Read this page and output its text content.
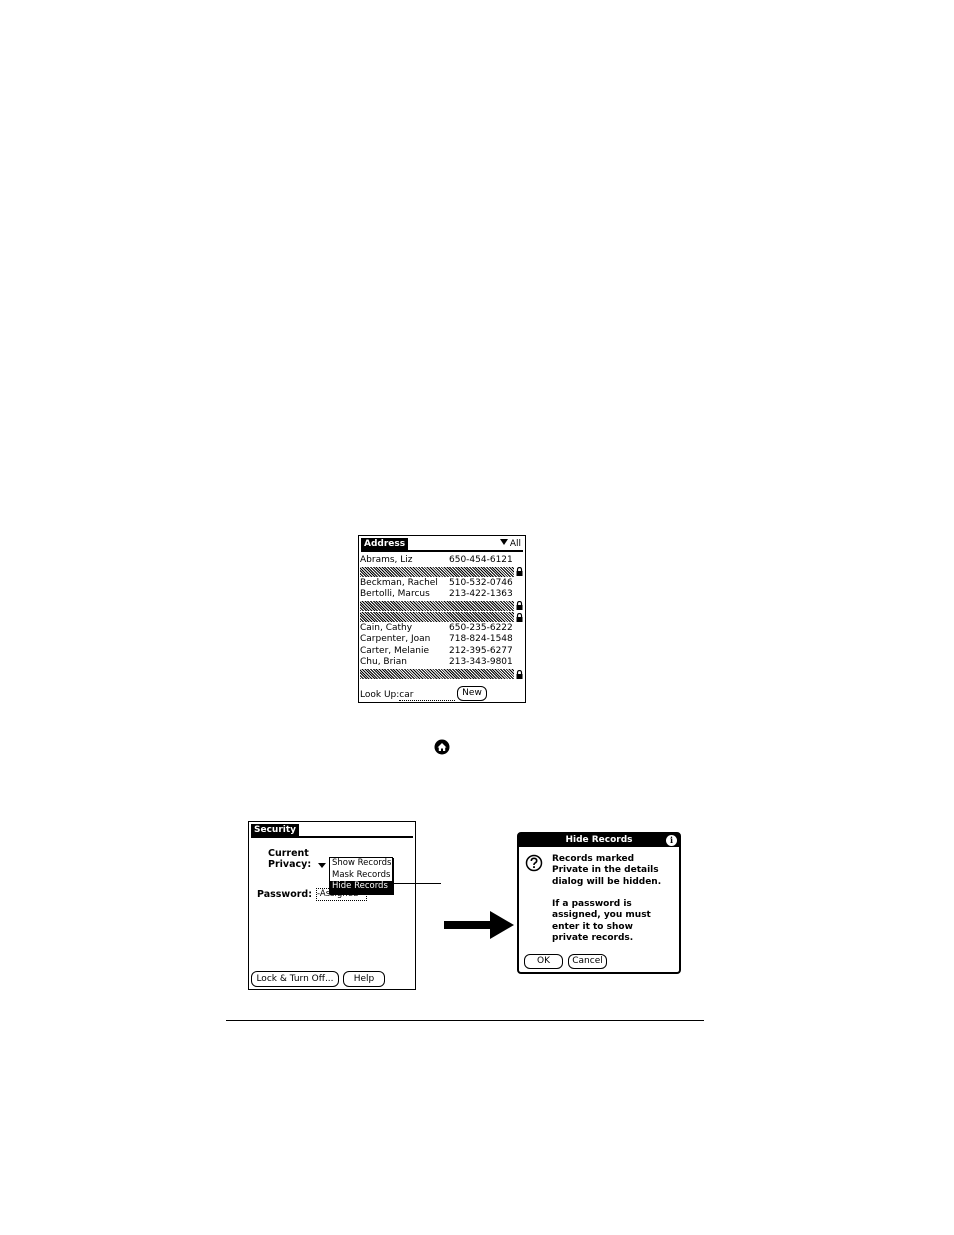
Address	All
Abrams, Liz	650-454-6121
Beckman, Rachel 510-532-0746
Bertolli, Marcus 213-422-1363
Cain, Cathy	650-235-6222
Carpenter, Joan 718-824-1548
Carter, Melanie 212-395-6277
Chu, Brian	213-343-9801
Look Up:car	New
Security
Current
Privacy: Show Records
Mask Records
Hide Records
Password: -Assigned-
Lock & Turn Off...	Help
Hide Records	i
Records marked
Private in the details
dialog will be hidden.
If a password is
assigned, you must
enter it to show
private records.
OK	Cancel
